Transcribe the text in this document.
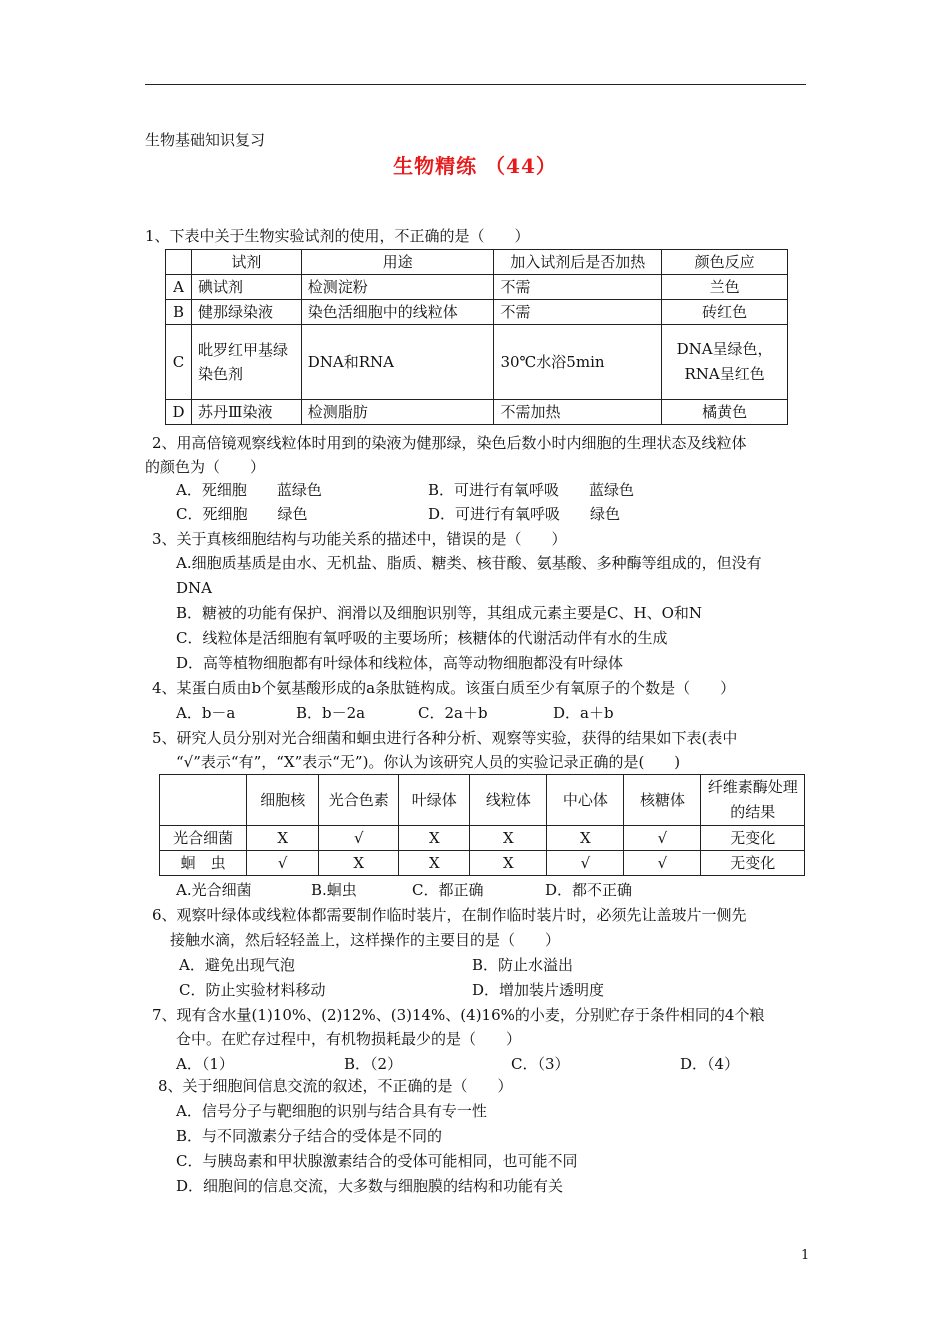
生物基础知识复习
生物精练 （44）
1、下表中关于生物实验试剂的使用，不正确的是（　　）
	试剂	用途	加入试剂后是否加热	颜色反应
A	碘试剂	检测淀粉	不需	兰色
B	健那绿染液	染色活细胞中的线粒体	不需	砖红色
C	吡罗红甲基绿染色剂	DNA和RNA	30℃水浴5min	DNA呈绿色，RNA呈红色
D	苏丹Ⅲ染液	检测脂肪	不需加热	橘黄色
2、用高倍镜观察线粒体时用到的染液为健那绿，染色后数小时内细胞的生理状态及线粒体
的颜色为（　　）
A．死细胞　　蓝绿色	B．可进行有氧呼吸　　蓝绿色
C．死细胞　　绿色	D．可进行有氧呼吸　　绿色
3、关于真核细胞结构与功能关系的描述中，错误的是（　　）
A.细胞质基质是由水、无机盐、脂质、糖类、核苷酸、氨基酸、多种酶等组成的，但没有
DNA
B．糖被的功能有保护、润滑以及细胞识别等，其组成元素主要是C、H、O和N
C．线粒体是活细胞有氧呼吸的主要场所；核糖体的代谢活动伴有水的生成
D．高等植物细胞都有叶绿体和线粒体，高等动物细胞都没有叶绿体
4、某蛋白质由b个氨基酸形成的a条肽链构成。该蛋白质至少有氧原子的个数是（　　）
A．b－a	B．b－2a	C．2a＋b	D．a＋b
5、研究人员分别对光合细菌和蛔虫进行各种分析、观察等实验，获得的结果如下表(表中
“√”表示“有”，“X”表示“无”)。你认为该研究人员的实验记录正确的是(　　)
	细胞核	光合色素	叶绿体	线粒体	中心体	核糖体	纤维素酶处理的结果
光合细菌	X	√	X	X	X	√	无变化
蛔　虫	√	X	X	X	√	√	无变化
A.光合细菌	B.蛔虫	C．都正确	D．都不正确
6、观察叶绿体或线粒体都需要制作临时装片，在制作临时装片时，必须先让盖玻片一侧先
接触水滴，然后轻轻盖上，这样操作的主要目的是（　　）
A．避免出现气泡	B．防止水溢出
C．防止实验材料移动	D．增加装片透明度
7、现有含水量(1)10%、(2)12%、(3)14%、(4)16%的小麦，分别贮存于条件相同的4个粮
仓中。在贮存过程中，有机物损耗最少的是（　　）
A．（1）	B．（2）	C．（3）	D．（4）
8、关于细胞间信息交流的叙述，不正确的是（　　）
A．信号分子与靶细胞的识别与结合具有专一性
B．与不同激素分子结合的受体是不同的
C．与胰岛素和甲状腺激素结合的受体可能相同，也可能不同
D．细胞间的信息交流，大多数与细胞膜的结构和功能有关
1
